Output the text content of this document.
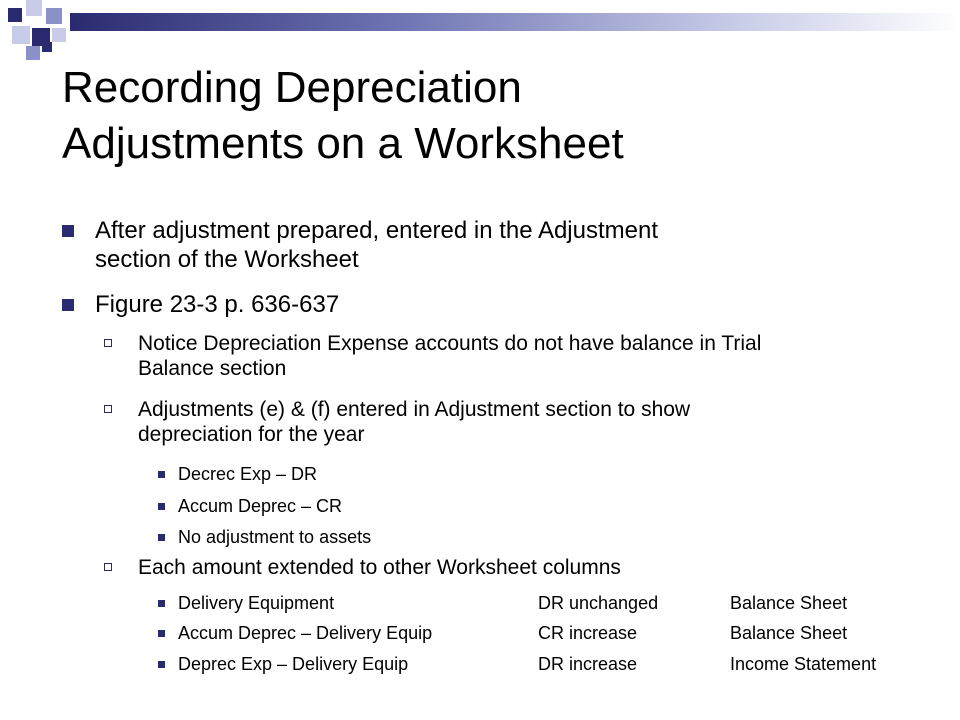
Recording Depreciation
Adjustments on a Worksheet
After adjustment prepared, entered in the Adjustment
section of the Worksheet
Figure 23-3 p. 636-637
Notice Depreciation Expense accounts do not have balance in Trial
Balance section
Adjustments (e) & (f) entered in Adjustment section to show
depreciation for the year
Decrec Exp – DR
Accum Deprec – CR
No adjustment to assets
Each amount extended to other Worksheet columns
Delivery Equipment	DR unchanged	Balance Sheet
Accum Deprec – Delivery Equip	CR increase	Balance Sheet
Deprec Exp – Delivery Equip	DR increase	Income Statement
